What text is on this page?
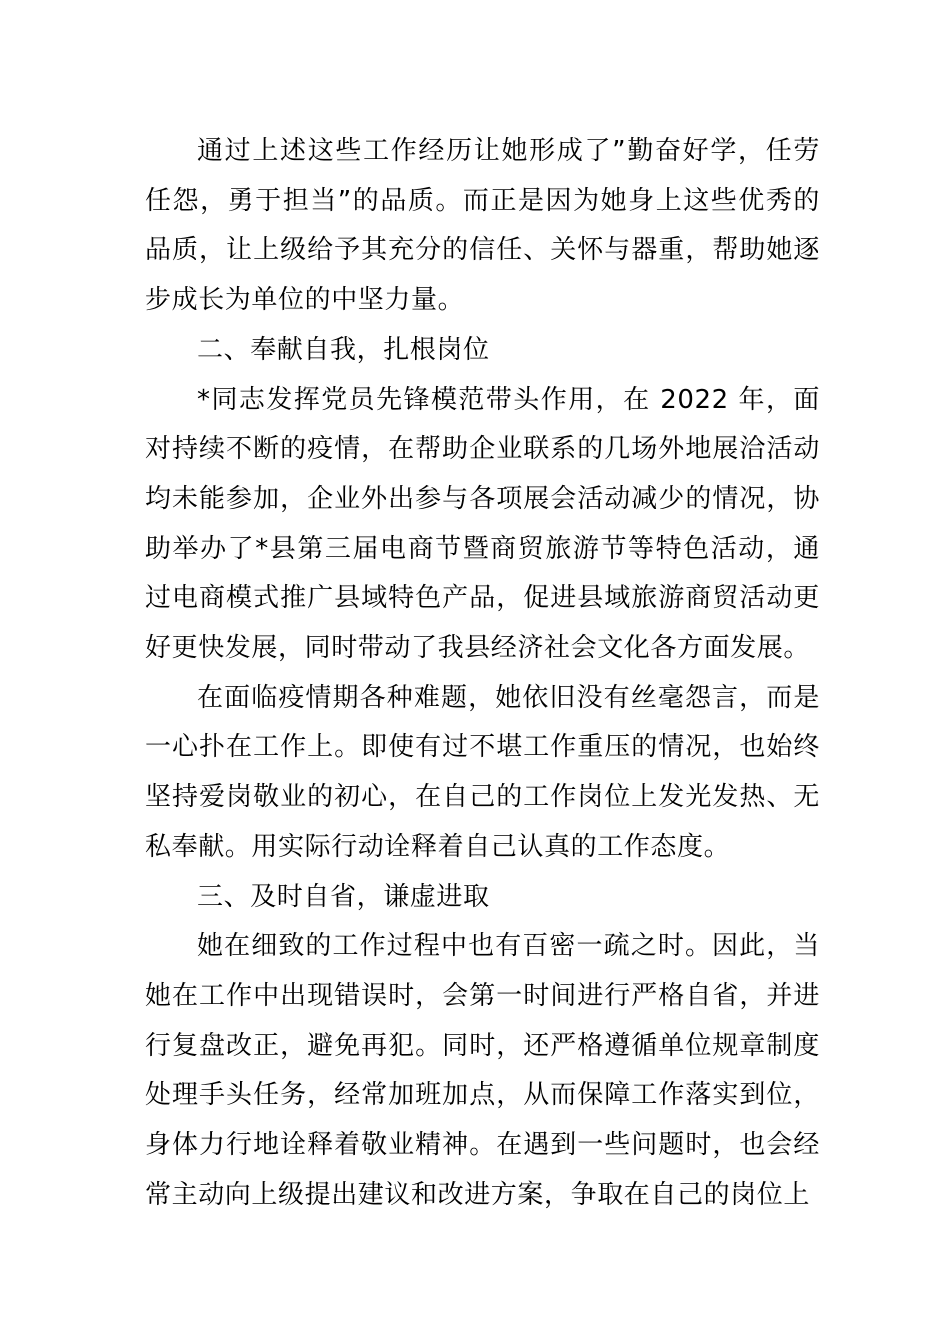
通过上述这些工作经历让她形成了”勤奋好学，任劳任怨，勇于担当”的品质。而正是因为她身上这些优秀的品质，让上级给予其充分的信任、关怀与器重，帮助她逐步成长为单位的中坚力量。

二、奉献自我，扎根岗位

*同志发挥党员先锋模范带头作用，在 2022 年，面对持续不断的疫情，在帮助企业联系的几场外地展洽活动均未能参加，企业外出参与各项展会活动减少的情况，协助举办了*县第三届电商节暨商贸旅游节等特色活动，通过电商模式推广县域特色产品，促进县域旅游商贸活动更好更快发展，同时带动了我县经济社会文化各方面发展。

在面临疫情期各种难题，她依旧没有丝毫怨言，而是一心扑在工作上。即使有过不堪工作重压的情况，也始终坚持爱岗敬业的初心，在自己的工作岗位上发光发热、无私奉献。用实际行动诠释着自己认真的工作态度。

三、及时自省，谦虚进取

她在细致的工作过程中也有百密一疏之时。因此，当她在工作中出现错误时，会第一时间进行严格自省，并进行复盘改正，避免再犯。同时，还严格遵循单位规章制度处理手头任务，经常加班加点，从而保障工作落实到位，身体力行地诠释着敬业精神。在遇到一些问题时，也会经常主动向上级提出建议和改进方案，争取在自己的岗位上
